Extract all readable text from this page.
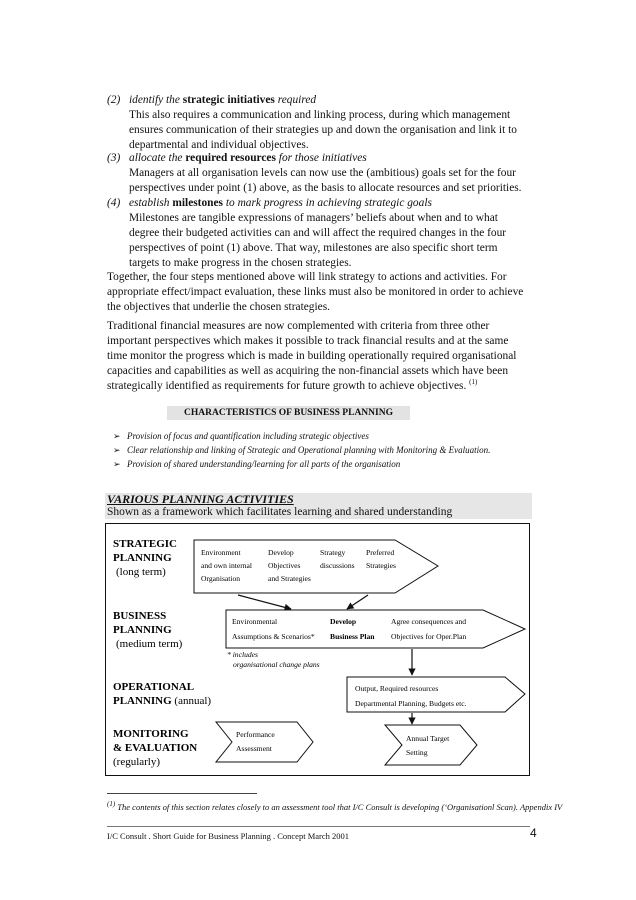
(2) identify the strategic initiatives required
This also requires a communication and linking process, during which management
ensures communication of their strategies up and down the organisation and link it to
departmental and individual objectives.
(3) allocate the required resources for those initiatives
Managers at all organisation levels can now use the (ambitious) goals set for the four
perspectives under point (1) above, as the basis to allocate resources and set priorities.
(4) establish milestones to mark progress in achieving strategic goals
Milestones are tangible expressions of managers’ beliefs about when and to what
degree their budgeted activities can and will affect the required changes in the four
perspectives of point (1) above. That way, milestones are also specific short term
targets to make progress in the chosen strategies.
Together, the four steps mentioned above will link strategy to actions and activities. For
appropriate effect/impact evaluation, these links must also be monitored in order to achieve
the objectives that underlie the chosen strategies.
Traditional financial measures are now complemented with criteria from three other
important perspectives which makes it possible to track financial results and at the same
time monitor the progress which is made in building operationally required organisational
capacities and capabilities as well as acquiring the non-financial assets which have been
strategically identified as requirements for future growth to achieve objectives. $^{(1)}$
CHARACTERISTICS OF BUSINESS PLANNING
➢ Provision of focus and quantification including strategic objectives
➢ Clear relationship and linking of Strategic and Operational planning with Monitoring & Evaluation.
➢ Provision of shared understanding/learning for all parts of the organisation
VARIOUS PLANNING ACTIVITIES
Shown as a framework which facilitates learning and shared understanding
STRATEGIC
PLANNING
(long term)
BUSINESS
PLANNING
(medium term)
OPERATIONAL
PLANNING (annual)
MONITORING
& EVALUATION
(regularly)
Environment
and own internal
Organisation
Develop
Objectives
and Strategies
Strategy
discussions
Preferred
Strategies
Environmental
Assumptions & Scenarios*
Develop
Business Plan
Agree consequences and
Objectives for Oper.Plan
* includes
organisational change plans
Output, Required resources
Departmental Planning, Budgets etc.
Performance
Assessment
Annual Target
Setting
$^{(1)}$ The contents of this section relates closely to an assessment tool that I/C Consult is developing (‘Organisationl Scan). Appendix IV
I/C Consult . Short Guide for Business Planning . Concept March 2001	4
